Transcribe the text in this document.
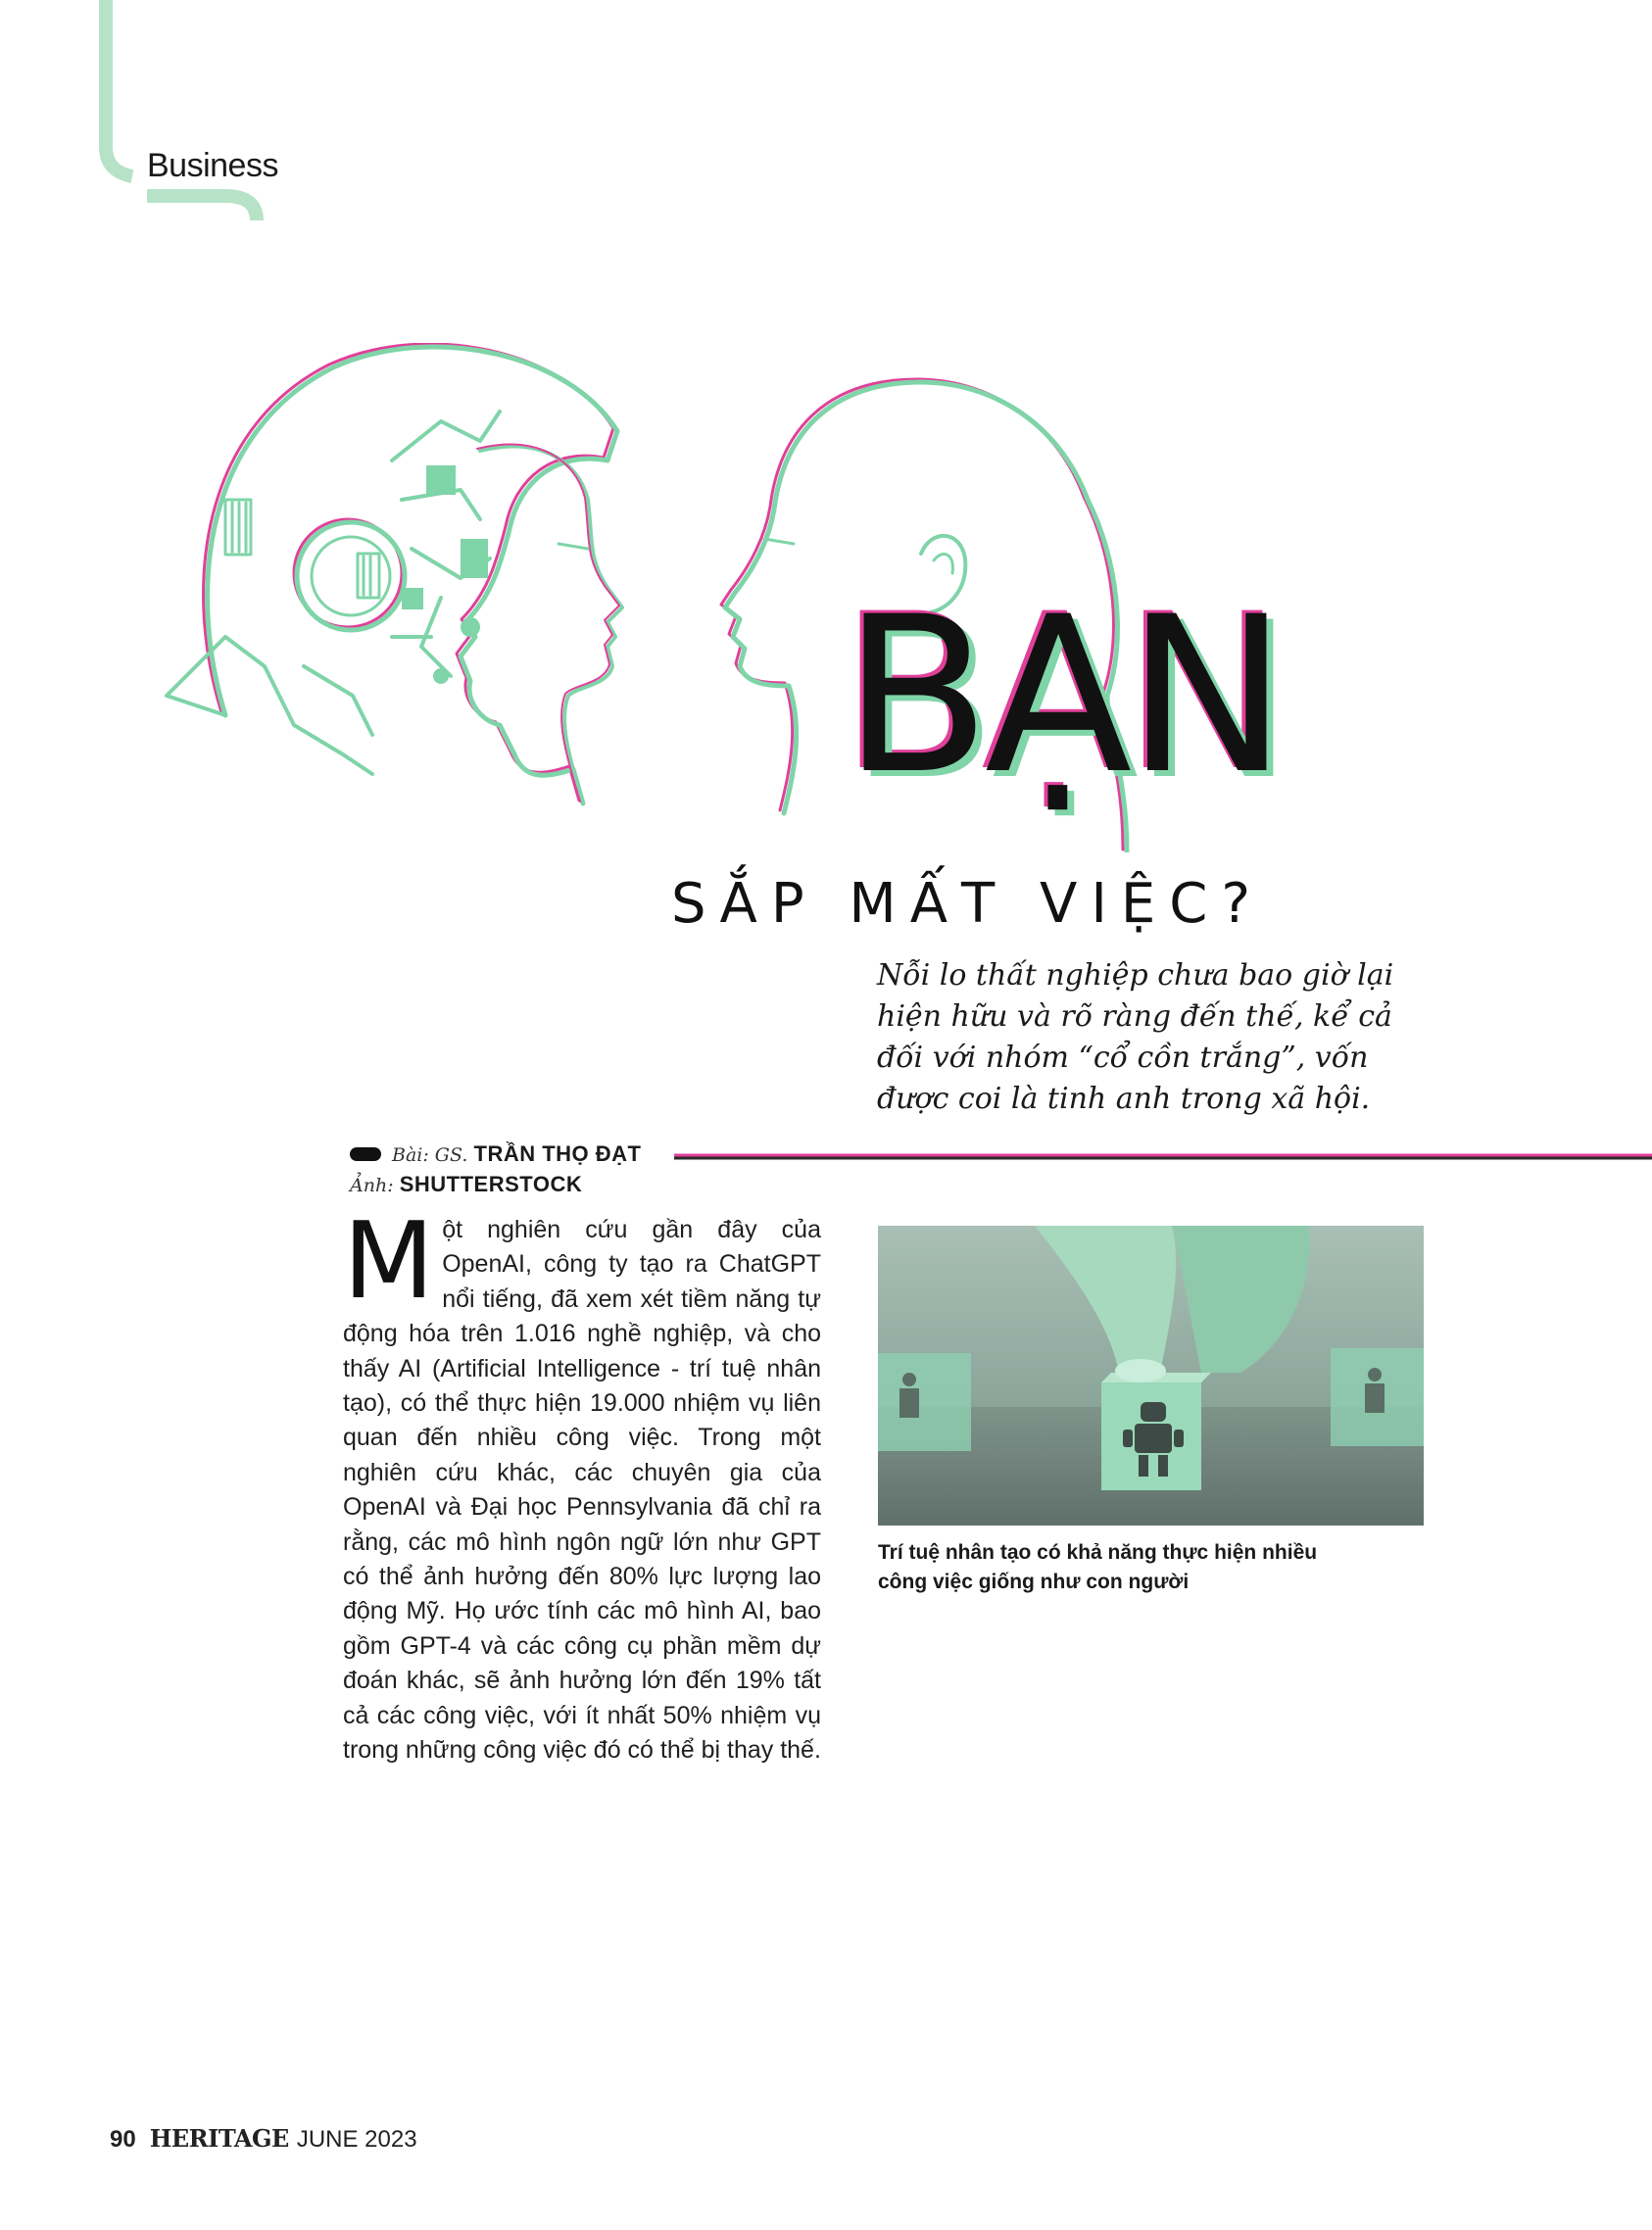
Business
BẠN
SẮP MẤT VIỆC?
Nỗi lo thất nghiệp chưa bao giờ lại hiện hữu và rõ ràng đến thế, kể cả đối với nhóm “cổ cồn trắng”, vốn được coi là tinh anh trong xã hội.
Bài: GS. TRẦN THỌ ĐẠT
Ảnh: SHUTTERSTOCK
Một nghiên cứu gần đây của OpenAI, công ty tạo ra ChatGPT nổi tiếng, đã xem xét tiềm năng tự động hóa trên 1.016 nghề nghiệp, và cho thấy AI (Artificial Intelligence - trí tuệ nhân tạo), có thể thực hiện 19.000 nhiệm vụ liên quan đến nhiều công việc. Trong một nghiên cứu khác, các chuyên gia của OpenAI và Đại học Pennsylvania đã chỉ ra rằng, các mô hình ngôn ngữ lớn như GPT có thể ảnh hưởng đến 80% lực lượng lao động Mỹ. Họ ước tính các mô hình AI, bao gồm GPT-4 và các công cụ phần mềm dự đoán khác, sẽ ảnh hưởng lớn đến 19% tất cả các công việc, với ít nhất 50% nhiệm vụ trong những công việc đó có thể bị thay thế.
Trí tuệ nhân tạo có khả năng thực hiện nhiều công việc giống như con người
90 HERITAGE JUNE 2023
